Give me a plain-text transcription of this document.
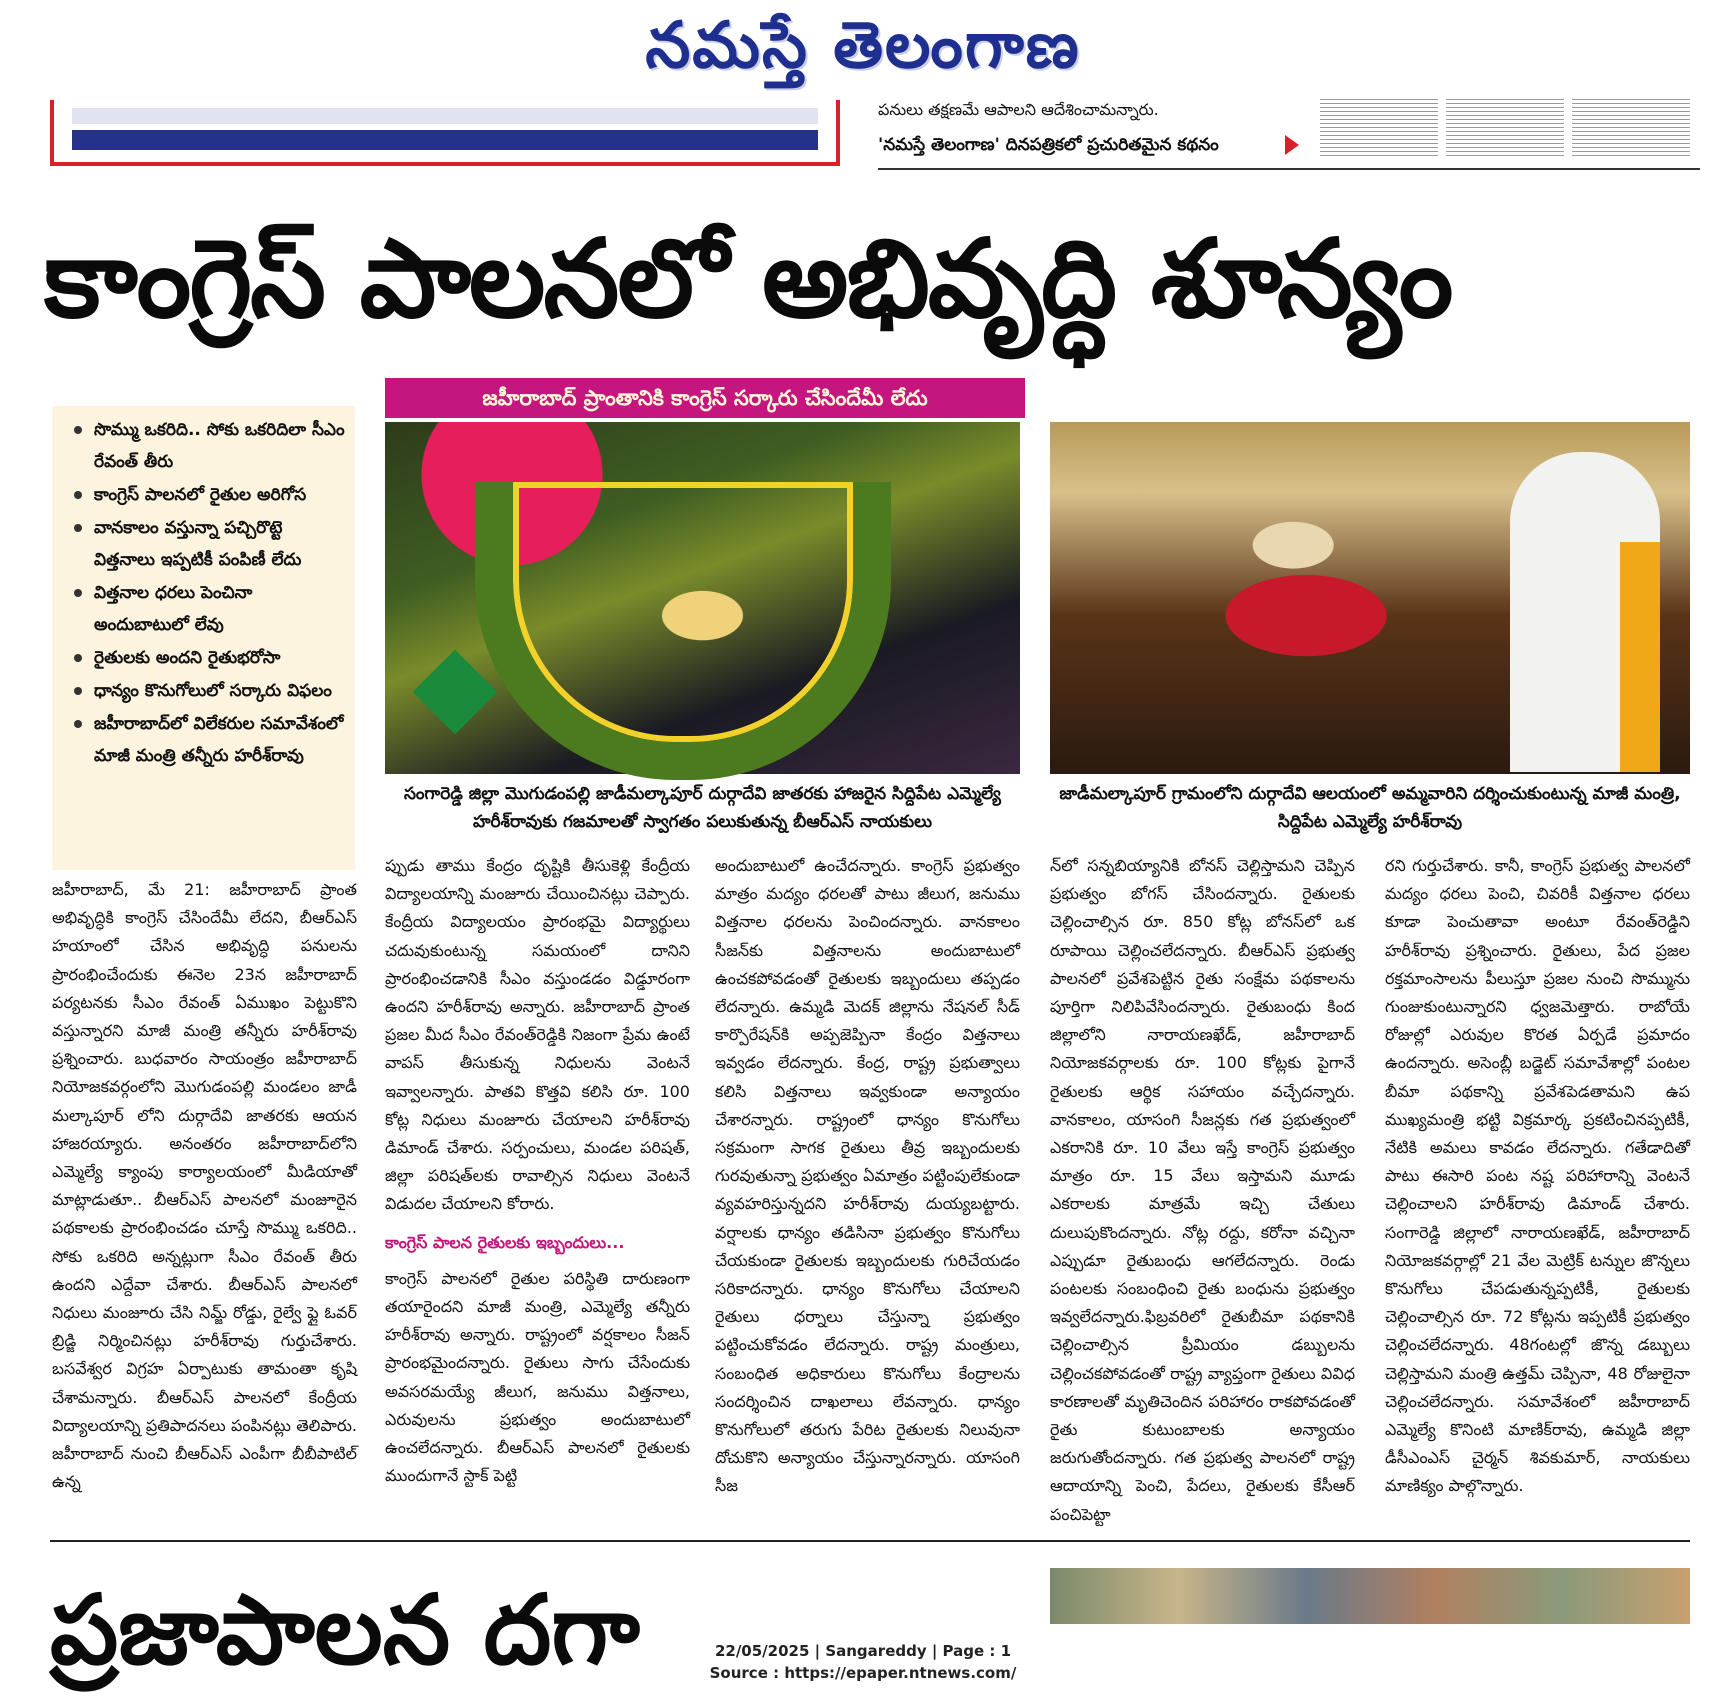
నమస్తే తెలంగాణ
పనులు తక్షణమే ఆపాలని ఆదేశించామన్నారు.
'నమస్తే తెలంగాణ' దినపత్రికలో ప్రచురితమైన కథనం
కాంగ్రెస్ పాలనలో అభివృద్ధి శూన్యం
జహీరాబాద్ ప్రాంతానికి కాంగ్రెస్ సర్కారు చేసిందేమీ లేదు
సొమ్ము ఒకరిది.. సోకు ఒకరిదిలా సీఎం రేవంత్ తీరు
కాంగ్రెస్ పాలనలో రైతుల అరిగోస
వానకాలం వస్తున్నా పచ్చిరొట్టె విత్తనాలు ఇప్పటికీ పంపిణీ లేదు
విత్తనాల ధరలు పెంచినా అందుబాటులో లేవు
రైతులకు అందని రైతుభరోసా
ధాన్యం కొనుగోలులో సర్కారు విఫలం
జహీరాబాద్‌లో విలేకరుల సమావేశంలో మాజీ మంత్రి తన్నీరు హరీశ్‌రావు
సంగారెడ్డి జిల్లా మొగుడంపల్లి జాడీమల్కాపూర్ దుర్గాదేవి జాతరకు హాజరైన సిద్దిపేట ఎమ్మెల్యే హరీశ్‌రావుకు గజమాలతో స్వాగతం పలుకుతున్న బీఆర్ఎస్ నాయకులు
జాడీమల్కాపూర్ గ్రామంలోని దుర్గాదేవి ఆలయంలో అమ్మవారిని దర్శించుకుంటున్న మాజీ మంత్రి, సిద్దిపేట ఎమ్మెల్యే హరీశ్‌రావు

జహీరాబాద్, మే 21: జహీరాబాద్ ప్రాంత అభివృద్ధికి కాంగ్రెస్ చేసిందేమీ లేదని, బీఆర్ఎస్ హయాంలో చేసిన అభివృద్ధి పనులను ప్రారంభించేందుకు ఈనెల 23న జహీరాబాద్ పర్యటనకు సీఎం రేవంత్ ఏముఖం పెట్టుకొని వస్తున్నారని మాజీ మంత్రి తన్నీరు హరీశ్‌రావు ప్రశ్నించారు. బుధవారం సాయంత్రం జహీరాబాద్ నియోజకవర్గంలోని మొగుడంపల్లి మండలం జాడీ మల్కాపూర్ లోని దుర్గాదేవి జాతరకు ఆయన హాజరయ్యారు. అనంతరం జహీరాబాద్‌లోని ఎమ్మెల్యే క్యాంపు కార్యాలయంలో మీడియాతో మాట్లాడుతూ.. బీఆర్ఎస్ పాలనలో మంజూరైన పథకాలకు ప్రారంభించడం చూస్తే సొమ్ము ఒకరిది.. సోకు ఒకరిది అన్నట్లుగా సీఎం రేవంత్ తీరు ఉందని ఎద్దేవా చేశారు. బీఆర్ఎస్ పాలనలో నిధులు మంజూరు చేసి నిమ్జ్ రోడ్డు, రైల్వే ఫ్లై ఓవర్ బ్రిడ్జి నిర్మించినట్లు హరీశ్‌రావు గుర్తుచేశారు. బసవేశ్వర విగ్రహ ఏర్పాటుకు తామంతా కృషి చేశామన్నారు. బీఆర్ఎస్ పాలనలో కేంద్రీయ విద్యాలయాన్ని ప్రతిపాదనలు పంపినట్లు తెలిపారు. జహీరాబాద్ నుంచి బీఆర్ఎస్ ఎంపీగా బీబీపాటిల్ ఉన్న

ప్పుడు తాము కేంద్రం దృష్టికి తీసుకెళ్లి కేంద్రీయ విద్యాలయాన్ని మంజూరు చేయించినట్లు చెప్పారు. కేంద్రీయ విద్యాలయం ప్రారంభమై విద్యార్థులు చదువుకుంటున్న సమయంలో దానిని ప్రారంభించడానికి సీఎం వస్తుండడం విడ్డూరంగా ఉందని హరీశ్‌రావు అన్నారు. జహీరాబాద్ ప్రాంత ప్రజల మీద సీఎం రేవంత్‌రెడ్డికి నిజంగా ప్రేమ ఉంటే వాపస్ తీసుకున్న నిధులను వెంటనే ఇవ్వాలన్నారు. పాతవి కొత్తవి కలిసి రూ. 100 కోట్ల నిధులు మంజూరు చేయాలని హరీశ్‌రావు డిమాండ్ చేశారు. సర్పంచులు, మండల పరిషత్, జిల్లా పరిషత్‌లకు రావాల్సిన నిధులు వెంటనే విడుదల చేయాలని కోరారు.

కాంగ్రెస్ పాలన రైతులకు ఇబ్బందులు...

కాంగ్రెస్ పాలనలో రైతుల పరిస్థితి దారుణంగా తయారైందని మాజీ మంత్రి, ఎమ్మెల్యే తన్నీరు హరీశ్‌రావు అన్నారు. రాష్ట్రంలో వర్షకాలం సీజన్ ప్రారంభమైందన్నారు. రైతులు సాగు చేసేందుకు అవసరమయ్యే జీలుగ, జనుము విత్తనాలు, ఎరువులను ప్రభుత్వం అందుబాటులో ఉంచలేదన్నారు. బీఆర్ఎస్ పాలనలో రైతులకు ముందుగానే స్టాక్ పెట్టి

అందుబాటులో ఉంచేదన్నారు. కాంగ్రెస్ ప్రభుత్వం మాత్రం మద్యం ధరలతో పాటు జీలుగ, జనుము విత్తనాల ధరలను పెంచిందన్నారు. వానకాలం సీజన్‌కు విత్తనాలను అందుబాటులో ఉంచకపోవడంతో రైతులకు ఇబ్బందులు తప్పడం లేదన్నారు. ఉమ్మడి మెదక్ జిల్లాను నేషనల్ సీడ్ కార్పొరేషన్‌కి అప్పజెప్పినా కేంద్రం విత్తనాలు ఇవ్వడం లేదన్నారు. కేంద్ర, రాష్ట్ర ప్రభుత్వాలు కలిసి విత్తనాలు ఇవ్వకుండా అన్యాయం చేశారన్నారు. రాష్ట్రంలో ధాన్యం కొనుగోలు సక్రమంగా సాగక రైతులు తీవ్ర ఇబ్బందులకు గురవుతున్నా ప్రభుత్వం ఏమాత్రం పట్టింపులేకుండా వ్యవహరిస్తున్నదని హరీశ్‌రావు దుయ్యబట్టారు. వర్షాలకు ధాన్యం తడిసినా ప్రభుత్వం కొనుగోలు చేయకుండా రైతులకు ఇబ్బందులకు గురిచేయడం సరికాదన్నారు. ధాన్యం కొనుగోలు చేయాలని రైతులు ధర్నాలు చేస్తున్నా ప్రభుత్వం పట్టించుకోవడం లేదన్నారు. రాష్ట్ర మంత్రులు, సంబంధిత అధికారులు కొనుగోలు కేంద్రాలను సందర్శించిన దాఖలాలు లేవన్నారు. ధాన్యం కొనుగోలులో తరుగు పేరిట రైతులకు నిలువునా దోచుకొని అన్యాయం చేస్తున్నారన్నారు. యాసంగి సీజ

న్‌లో సన్నబియ్యానికి బోనస్ చెల్లిస్తామని చెప్పిన ప్రభుత్వం బోగస్ చేసిందన్నారు. రైతులకు చెల్లించాల్సిన రూ. 850 కోట్ల బోనస్‌లో ఒక రూపాయి చెల్లించలేదన్నారు. బీఆర్ఎస్ ప్రభుత్వ పాలనలో ప్రవేశపెట్టిన రైతు సంక్షేమ పథకాలను పూర్తిగా నిలిపివేసిందన్నారు. రైతుబంధు కింద జిల్లాలోని నారాయణఖేడ్, జహీరాబాద్ నియోజకవర్గాలకు రూ. 100 కోట్లకు పైగానే రైతులకు ఆర్థిక సహాయం వచ్చేదన్నారు. వానకాలం, యాసంగి సీజన్లకు గత ప్రభుత్వంలో ఎకరానికి రూ. 10 వేలు ఇస్తే కాంగ్రెస్ ప్రభుత్వం మాత్రం రూ. 15 వేలు ఇస్తామని మూడు ఎకరాలకు మాత్రమే ఇచ్చి చేతులు దులుపుకొందన్నారు. నోట్ల రద్దు, కరోనా వచ్చినా ఎప్పుడూ రైతుబంధు ఆగలేదన్నారు. రెండు పంటలకు సంబంధించి రైతు బంధును ప్రభుత్వం ఇవ్వలేదన్నారు.ఫిబ్రవరిలో రైతుబీమా పథకానికి చెల్లించాల్సిన ప్రీమియం డబ్బులను చెల్లించకపోవడంతో రాష్ట్ర వ్యాప్తంగా రైతులు వివిధ కారణాలతో మృతిచెందిన పరిహారం రాకపోవడంతో రైతు కుటుంబాలకు అన్యాయం జరుగుతోందన్నారు. గత ప్రభుత్వ పాలనలో రాష్ట్ర ఆదాయాన్ని పెంచి, పేదలు, రైతులకు కేసీఆర్ పంచిపెట్టా

రని గుర్తుచేశారు. కానీ, కాంగ్రెస్ ప్రభుత్వ పాలనలో మద్యం ధరలు పెంచి, చివరికీ విత్తనాల ధరలు కూడా పెంచుతావా అంటూ రేవంత్‌రెడ్డిని హరీశ్‌రావు ప్రశ్నించారు. రైతులు, పేద ప్రజల రక్తమాంసాలను పీలుస్తూ ప్రజల నుంచి సొమ్మును గుంజుకుంటున్నారని ధ్వజమెత్తారు. రాబోయే రోజుల్లో ఎరువుల కొరత ఏర్పడే ప్రమాదం ఉందన్నారు. అసెంబ్లీ బడ్జెట్ సమావేశాల్లో పంటల బీమా పథకాన్ని ప్రవేశపెడతామని ఉప ముఖ్యమంత్రి భట్టి విక్రమార్క ప్రకటించినప్పటికీ, నేటికి అమలు కావడం లేదన్నారు. గతేడాదితో పాటు ఈసారి పంట నష్ట పరిహారాన్ని వెంటనే చెల్లించాలని హరీశ్‌రావు డిమాండ్ చేశారు. సంగారెడ్డి జిల్లాలో నారాయణఖేడ్, జహీరాబాద్ నియోజకవర్గాల్లో 21 వేల మెట్రిక్ టన్నుల జొన్నలు కొనుగోలు చేపడుతున్నప్పటికీ, రైతులకు చెల్లించాల్సిన రూ. 72 కోట్లను ఇప్పటికీ ప్రభుత్వం చెల్లించలేదన్నారు. 48గంటల్లో జొన్న డబ్బులు చెల్లిస్తామని మంత్రి ఉత్తమ్ చెప్పినా, 48 రోజులైనా చెల్లించలేదన్నారు. సమావేశంలో జహీరాబాద్ ఎమ్మెల్యే కొనింటి మాణిక్‌రావు, ఉమ్మడి జిల్లా డీసీఎంఎస్ చైర్మన్ శివకుమార్, నాయకులు మాణిక్యం పాల్గొన్నారు.

ప్రజాపాలన దగా	22/05/2025 | Sangareddy | Page : 1
Source : https://epaper.ntnews.com/
